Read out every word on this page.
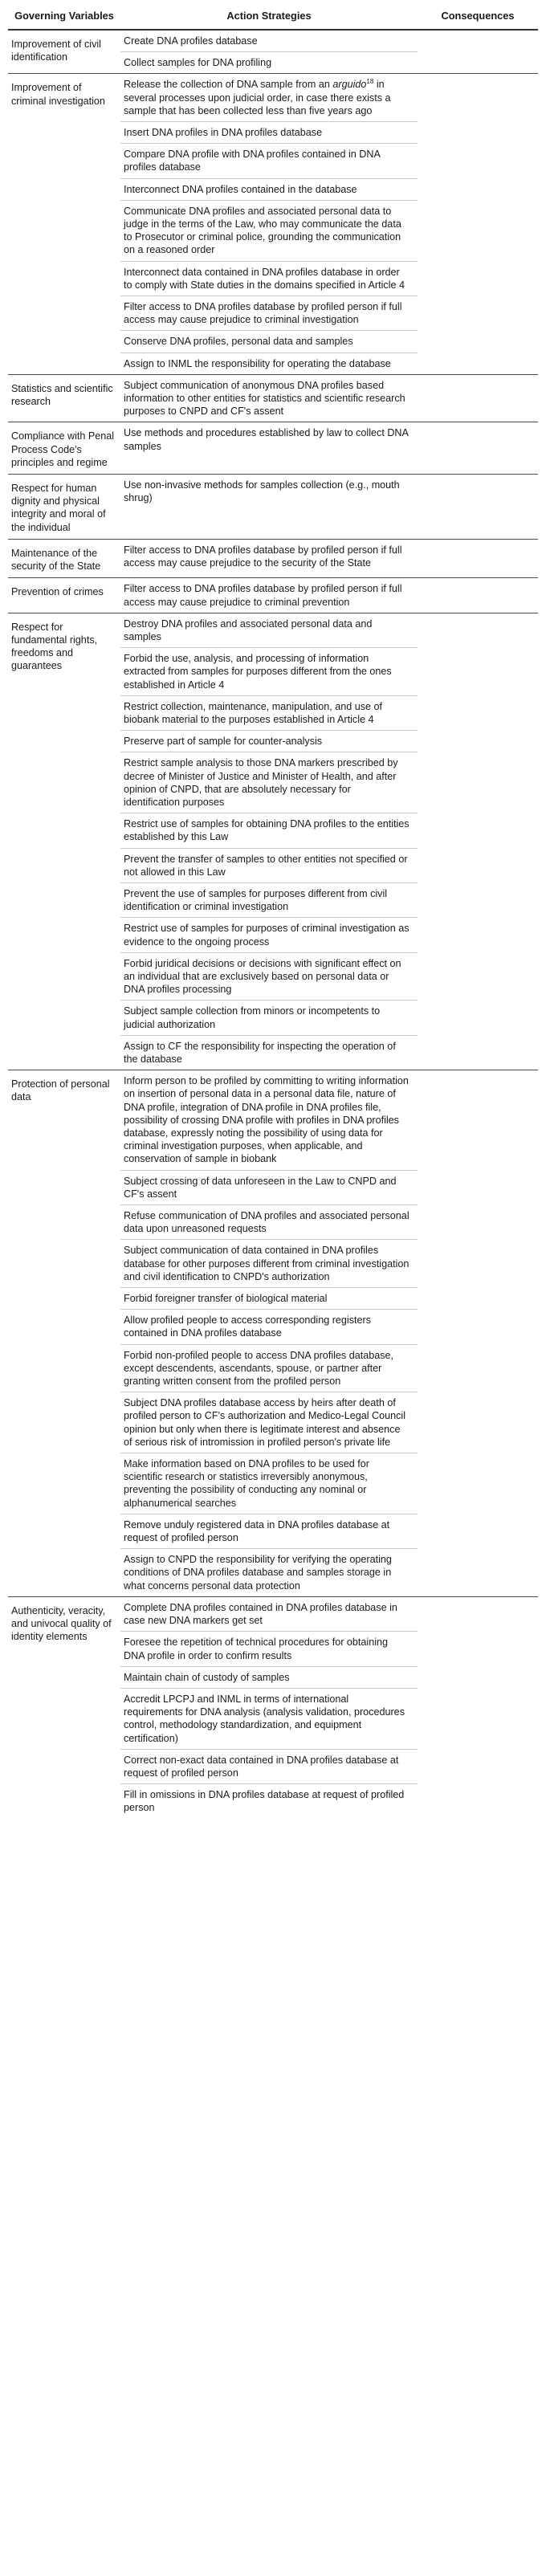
Governing Variables	Action Strategies	Consequences
Improvement of civil identification	Create DNA profiles database	
	Collect samples for DNA profiling	
Improvement of criminal investigation	Release the collection of DNA sample from an arguido$^{18}$ in several processes upon judicial order, in case there exists a sample that has been collected less than five years ago	
	Insert DNA profiles in DNA profiles database	
	Compare DNA profile with DNA profiles contained in DNA profiles database	
	Interconnect DNA profiles contained in the database	
	Communicate DNA profiles and associated personal data to judge in the terms of the Law, who may communicate the data to Prosecutor or criminal police, grounding the communication on a reasoned order	
	Interconnect data contained in DNA profiles database in order to comply with State duties in the domains specified in Article 4	
	Filter access to DNA profiles database by profiled person if full access may cause prejudice to criminal investigation	
	Conserve DNA profiles, personal data and samples	
	Assign to INML the responsibility for operating the database	
Statistics and scientific research	Subject communication of anonymous DNA profiles based information to other entities for statistics and scientific research purposes to CNPD and CF's assent	
Compliance with Penal Process Code's principles and regime	Use methods and procedures established by law to collect DNA samples	
Respect for human dignity and physical integrity and moral of the individual	Use non-invasive methods for samples collection (e.g., mouth shrug)	
Maintenance of the security of the State	Filter access to DNA profiles database by profiled person if full access may cause prejudice to the security of the State	
Prevention of crimes	Filter access to DNA profiles database by profiled person if full access may cause prejudice to criminal prevention	
Respect for fundamental rights, freedoms and guarantees	Destroy DNA profiles and associated personal data and samples	
	Forbid the use, analysis, and processing of information extracted from samples for purposes different from the ones established in Article 4	
	Restrict collection, maintenance, manipulation, and use of biobank material to the purposes established in Article 4	
	Preserve part of sample for counter-analysis	
	Restrict sample analysis to those DNA markers prescribed by decree of Minister of Justice and Minister of Health, and after opinion of CNPD, that are absolutely necessary for identification purposes	
	Restrict use of samples for obtaining DNA profiles to the entities established by this Law	
	Prevent the transfer of samples to other entities not specified or not allowed in this Law	
	Prevent the use of samples for purposes different from civil identification or criminal investigation	
	Restrict use of samples for purposes of criminal investigation as evidence to the ongoing process	
	Forbid juridical decisions or decisions with significant effect on an individual that are exclusively based on personal data or DNA profiles processing	
	Subject sample collection from minors or incompetents to judicial authorization	
	Assign to CF the responsibility for inspecting the operation of the database	
Protection of personal data	Inform person to be profiled by committing to writing information on insertion of personal data in a personal data file, nature of DNA profile, integration of DNA profile in DNA profiles file, possibility of crossing DNA profile with profiles in DNA profiles database, expressly noting the possibility of using data for criminal investigation purposes, when applicable, and conservation of sample in biobank	
	Subject crossing of data unforeseen in the Law to CNPD and CF's assent	
	Refuse communication of DNA profiles and associated personal data upon unreasoned requests	
	Subject communication of data contained in DNA profiles database for other purposes different from criminal investigation and civil identification to CNPD's authorization	
	Forbid foreigner transfer of biological material	
	Allow profiled people to access corresponding registers contained in DNA profiles database	
	Forbid non-profiled people to access DNA profiles database, except descendents, ascendants, spouse, or partner after granting written consent from the profiled person	
	Subject DNA profiles database access by heirs after death of profiled person to CF's authorization and Medico-Legal Council opinion but only when there is legitimate interest and absence of serious risk of intromission in profiled person's private life	
	Make information based on DNA profiles to be used for scientific research or statistics irreversibly anonymous, preventing the possibility of conducting any nominal or alphanumerical searches	
	Remove unduly registered data in DNA profiles database at request of profiled person	
	Assign to CNPD the responsibility for verifying the operating conditions of DNA profiles database and samples storage in what concerns personal data protection	
Authenticity, veracity, and univocal quality of identity elements	Complete DNA profiles contained in DNA profiles database in case new DNA markers get set	
	Foresee the repetition of technical procedures for obtaining DNA profile in order to confirm results	
	Maintain chain of custody of samples	
	Accredit LPCPJ and INML in terms of international requirements for DNA analysis (analysis validation, procedures control, methodology standardization, and equipment certification)	
	Correct non-exact data contained in DNA profiles database at request of profiled person	
	Fill in omissions in DNA profiles database at request of profiled person	
